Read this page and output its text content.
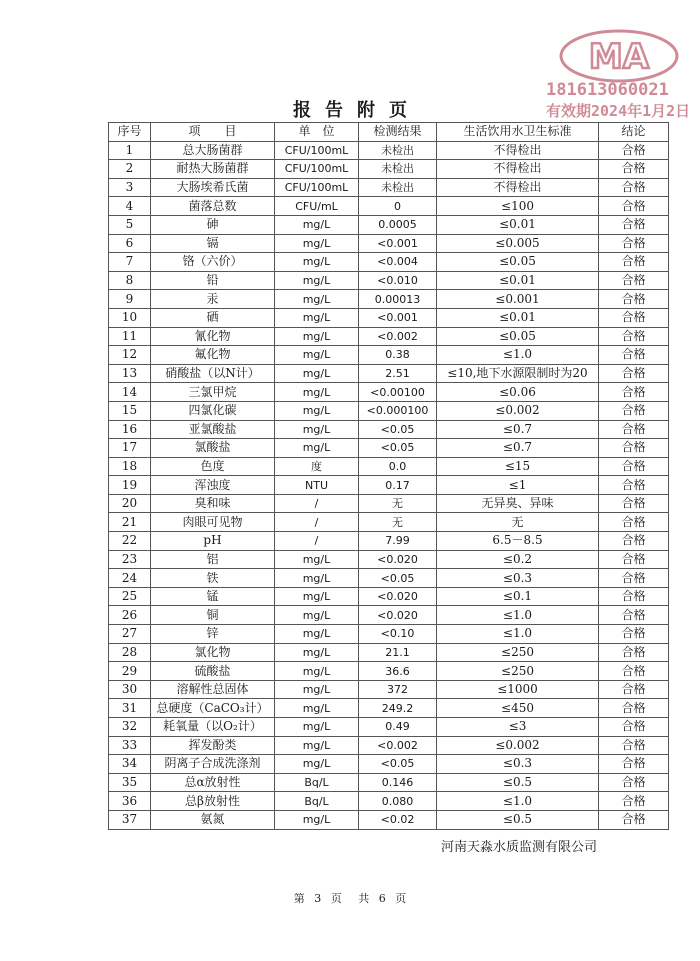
MA
181613060021
有效期2024年1月2日
报告附页
序号	项　　目	单　位	检测结果	生活饮用水卫生标准	结论
1	总大肠菌群	CFU/100mL	未检出	不得检出	合格
2	耐热大肠菌群	CFU/100mL	未检出	不得检出	合格
3	大肠埃希氏菌	CFU/100mL	未检出	不得检出	合格
4	菌落总数	CFU/mL	0	≤100	合格
5	砷	mg/L	0.0005	≤0.01	合格
6	镉	mg/L	<0.001	≤0.005	合格
7	铬（六价）	mg/L	<0.004	≤0.05	合格
8	铅	mg/L	<0.010	≤0.01	合格
9	汞	mg/L	0.00013	≤0.001	合格
10	硒	mg/L	<0.001	≤0.01	合格
11	氰化物	mg/L	<0.002	≤0.05	合格
12	氟化物	mg/L	0.38	≤1.0	合格
13	硝酸盐（以N计）	mg/L	2.51	≤10,地下水源限制时为20	合格
14	三氯甲烷	mg/L	<0.00100	≤0.06	合格
15	四氯化碳	mg/L	<0.000100	≤0.002	合格
16	亚氯酸盐	mg/L	<0.05	≤0.7	合格
17	氯酸盐	mg/L	<0.05	≤0.7	合格
18	色度	度	0.0	≤15	合格
19	浑浊度	NTU	0.17	≤1	合格
20	臭和味	/	无	无异臭、异味	合格
21	肉眼可见物	/	无	无	合格
22	pH	/	7.99	6.5－8.5	合格
23	铝	mg/L	<0.020	≤0.2	合格
24	铁	mg/L	<0.05	≤0.3	合格
25	锰	mg/L	<0.020	≤0.1	合格
26	铜	mg/L	<0.020	≤1.0	合格
27	锌	mg/L	<0.10	≤1.0	合格
28	氯化物	mg/L	21.1	≤250	合格
29	硫酸盐	mg/L	36.6	≤250	合格
30	溶解性总固体	mg/L	372	≤1000	合格
31	总硬度（CaCO₃计）	mg/L	249.2	≤450	合格
32	耗氧量（以O₂计）	mg/L	0.49	≤3	合格
33	挥发酚类	mg/L	<0.002	≤0.002	合格
34	阴离子合成洗涤剂	mg/L	<0.05	≤0.3	合格
35	总α放射性	Bq/L	0.146	≤0.5	合格
36	总β放射性	Bq/L	0.080	≤1.0	合格
37	氨氮	mg/L	<0.02	≤0.5	合格
河南天淼水质监测有限公司
第 3 页 共 6 页
